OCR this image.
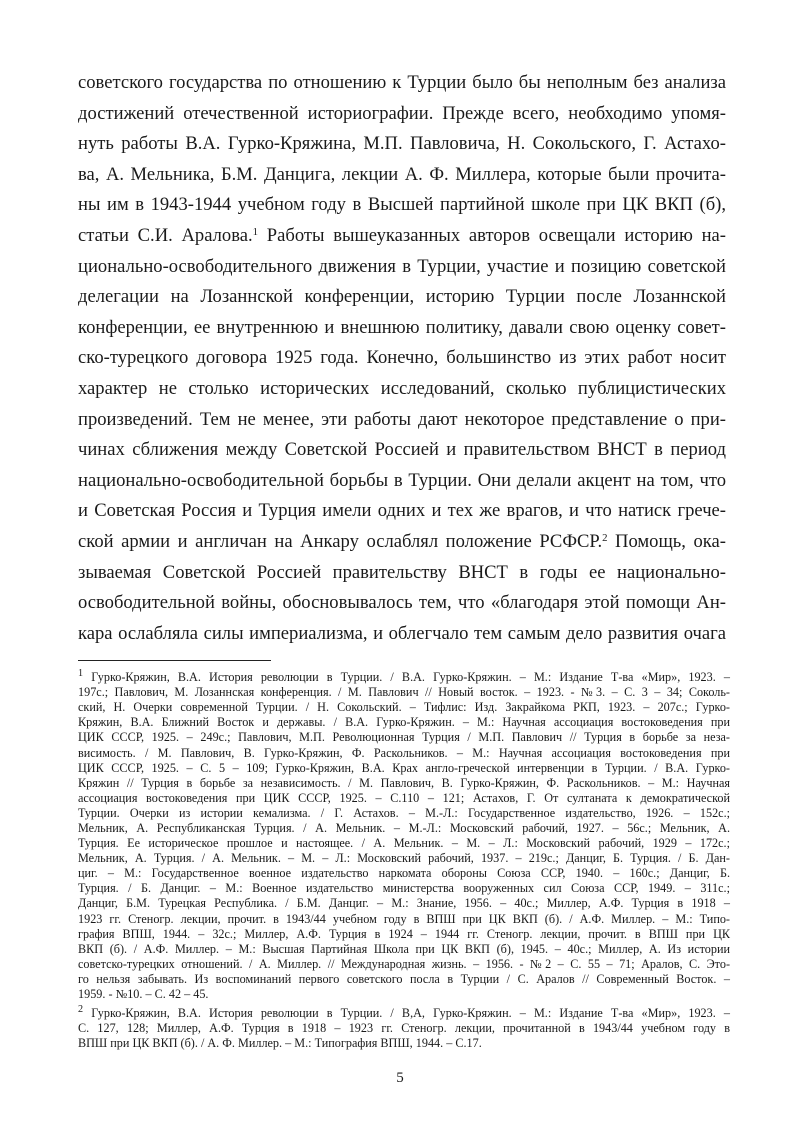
советского государства по отношению к Турции было бы неполным без анализа
достижений отечественной историографии. Прежде всего, необходимо упомя-
нуть работы В.А. Гурко-Кряжина, М.П. Павловича, Н. Сокольского, Г. Астахо-
ва, А. Мельника, Б.М. Данцига, лекции А. Ф. Миллера, которые были прочита-
ны им в 1943-1944 учебном году в Высшей партийной школе при ЦК ВКП (б),
статьи С.И. Аралова.$^1$ Работы вышеуказанных авторов освещали историю на-
ционально-освободительного движения в Турции, участие и позицию советской
делегации на Лозаннской конференции, историю Турции после Лозаннской
конференции, ее внутреннюю и внешнюю политику, давали свою оценку совет-
ско-турецкого договора 1925 года. Конечно, большинство из этих работ носит
характер не столько исторических исследований, сколько публицистических
произведений. Тем не менее, эти работы дают некоторое представление о при-
чинах сближения между Советской Россией и правительством ВНСТ в период
национально-освободительной борьбы в Турции. Они делали акцент на том, что
и Советская Россия и Турция имели одних и тех же врагов, и что натиск грече-
ской армии и англичан на Анкару ослаблял положение РСФСР.$^2$ Помощь, ока-
зываемая Советской Россией правительству ВНСТ в годы ее национально-
освободительной войны, обосновывалось тем, что «благодаря этой помощи Ан-
кара ослабляла силы империализма, и облегчало тем самым дело развития очага
$^1$ Гурко-Кряжин, В.А. История революции в Турции. / В.А. Гурко-Кряжин. – М.: Издание Т-ва «Мир», 1923. –
197с.; Павлович, М. Лозаннская конференция. / М. Павлович // Новый восток. – 1923. - №3. – С. 3 – 34; Соколь-
ский, Н. Очерки современной Турции. / Н. Сокольский. – Тифлис: Изд. Закрайкома РКП, 1923. – 207с.; Гурко-
Кряжин, В.А. Ближний Восток и державы. / В.А. Гурко-Кряжин. – М.: Научная ассоциация востоковедения при
ЦИК СССР, 1925. – 249с.; Павлович, М.П. Революционная Турция / М.П. Павлович // Турция в борьбе за неза-
висимость. / М. Павлович, В. Гурко-Кряжин, Ф. Раскольников. – М.: Научная ассоциация востоковедения при
ЦИК СССР, 1925. – С. 5 – 109; Гурко-Кряжин, В.А. Крах англо-греческой интервенции в Турции. / В.А. Гурко-
Кряжин // Турция в борьбе за независимость. / М. Павлович, В. Гурко-Кряжин, Ф. Раскольников. – М.: Научная
ассоциация востоковедения при ЦИК СССР, 1925. – С.110 – 121; Астахов, Г. От султаната к демократической
Турции. Очерки из истории кемализма. / Г. Астахов. – М.-Л.: Государственное издательство, 1926. – 152с.;
Мельник, А. Республиканская Турция. / А. Мельник. – М.-Л.: Московский рабочий, 1927. – 56с.; Мельник, А.
Турция. Ее историческое прошлое и настоящее. / А. Мельник. – М. – Л.: Московский рабочий, 1929 – 172с.;
Мельник, А. Турция. / А. Мельник. – М. – Л.: Московский рабочий, 1937. – 219с.; Данциг, Б. Турция. / Б. Дан-
циг. – М.: Государственное военное издательство наркомата обороны Союза ССР, 1940. – 160с.; Данциг, Б.
Турция. / Б. Данциг. – М.: Военное издательство министерства вооруженных сил Союза ССР, 1949. – 311с.;
Данциг, Б.М. Турецкая Республика. / Б.М. Данциг. – М.: Знание, 1956. – 40с.; Миллер, А.Ф. Турция в 1918 –
1923 гг. Стеногр. лекции, прочит. в 1943/44 учебном году в ВПШ при ЦК ВКП (б). / А.Ф. Миллер. – М.: Типо-
графия ВПШ, 1944. – 32с.; Миллер, А.Ф. Турция в 1924 – 1944 гг. Стеногр. лекции, прочит. в ВПШ при ЦК
ВКП (б). / А.Ф. Миллер. – М.: Высшая Партийная Школа при ЦК ВКП (б), 1945. – 40с.; Миллер, А. Из истории
советско-турецких отношений. / А. Миллер. // Международная жизнь. – 1956. - №2 – С. 55 – 71; Аралов, С. Это-
го нельзя забывать. Из воспоминаний первого советского посла в Турции / С. Аралов // Современный Восток. –
1959. - №10. – С. 42 – 45.
$^2$ Гурко-Кряжин, В.А. История революции в Турции. / В,А, Гурко-Кряжин. – М.: Издание Т-ва «Мир», 1923. –
С. 127, 128; Миллер, А.Ф. Турция в 1918 – 1923 гг. Стеногр. лекции, прочитанной в 1943/44 учебном году в
ВПШ при ЦК ВКП (б). / А. Ф. Миллер. – М.: Типография ВПШ, 1944. – С.17.
5
